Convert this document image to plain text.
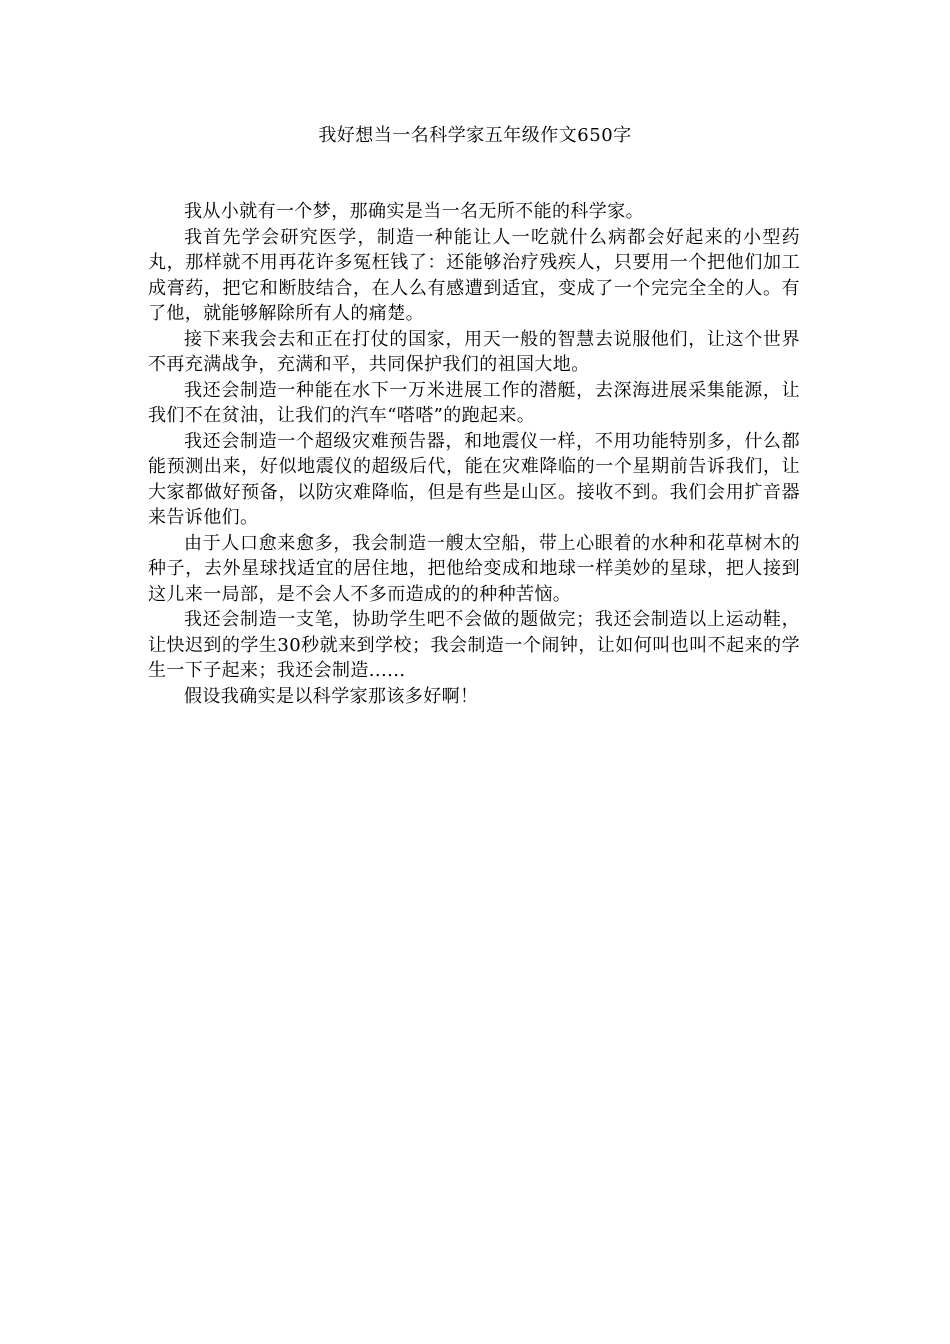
我好想当一名科学家五年级作文650字

我从小就有一个梦，那确实是当一名无所不能的科学家。

我首先学会研究医学，制造一种能让人一吃就什么病都会好起来的小型药丸，那样就不用再花许多冤枉钱了：还能够治疗残疾人，只要用一个把他们加工成膏药，把它和断肢结合，在人么有感遭到适宜，变成了一个完完全全的人。有了他，就能够解除所有人的痛楚。

接下来我会去和正在打仗的国家，用天一般的智慧去说服他们，让这个世界不再充满战争，充满和平，共同保护我们的祖国大地。

我还会制造一种能在水下一万米进展工作的潜艇，去深海进展采集能源，让我们不在贫油，让我们的汽车“嗒嗒”的跑起来。

我还会制造一个超级灾难预告器，和地震仪一样，不用功能特别多，什么都能预测出来，好似地震仪的超级后代，能在灾难降临的一个星期前告诉我们，让大家都做好预备，以防灾难降临，但是有些是山区。接收不到。我们会用扩音器来告诉他们。

由于人口愈来愈多，我会制造一艘太空船，带上心眼着的水种和花草树木的种子，去外星球找适宜的居住地，把他给变成和地球一样美妙的星球，把人接到这儿来一局部，是不会人不多而造成的的种种苦恼。

我还会制造一支笔，协助学生吧不会做的题做完；我还会制造以上运动鞋，让快迟到的学生30秒就来到学校；我会制造一个闹钟，让如何叫也叫不起来的学生一下子起来；我还会制造......

假设我确实是以科学家那该多好啊！
